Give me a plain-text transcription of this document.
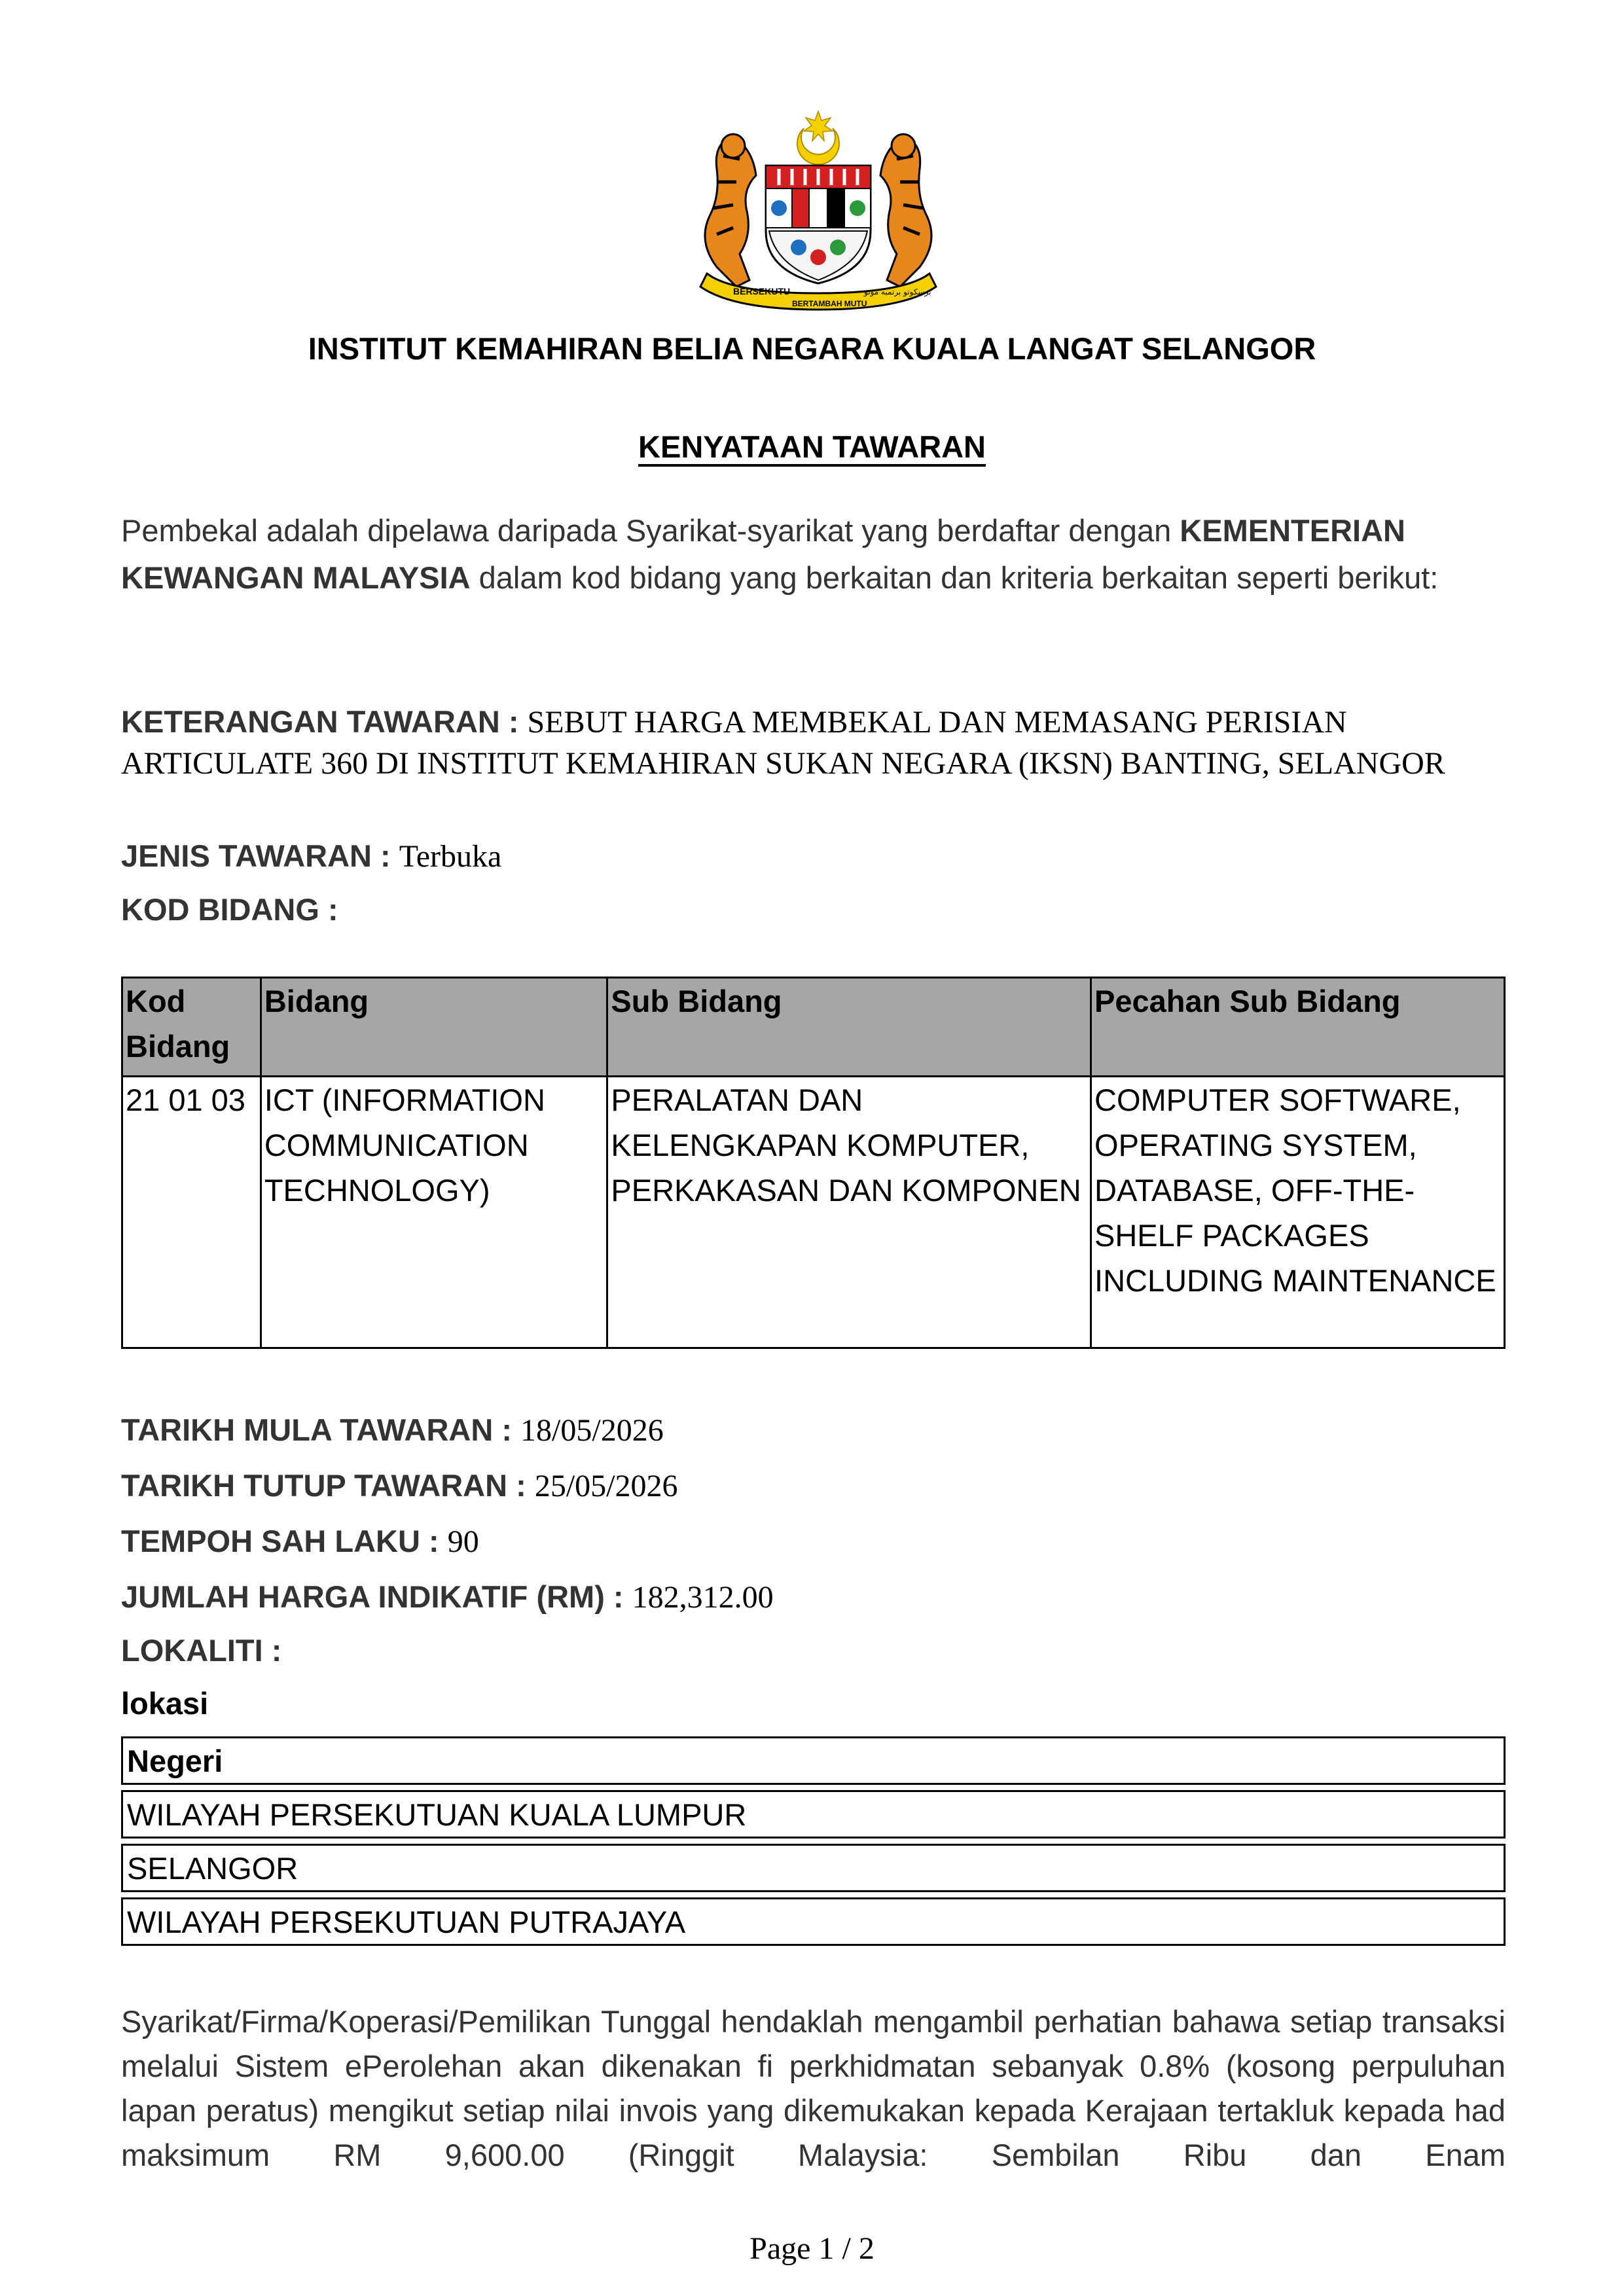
BERSEKUTU
BERTAMBAH MUTU
برسکوتو برتمبه موتو
INSTITUT KEMAHIRAN BELIA NEGARA KUALA LANGAT SELANGOR
KENYATAAN TAWARAN
Pembekal adalah dipelawa daripada Syarikat-syarikat yang berdaftar dengan KEMENTERIAN KEWANGAN MALAYSIA dalam kod bidang yang berkaitan dan kriteria berkaitan seperti berikut:
KETERANGAN TAWARAN : SEBUT HARGA MEMBEKAL DAN MEMASANG PERISIAN ARTICULATE 360 DI INSTITUT KEMAHIRAN SUKAN NEGARA (IKSN) BANTING, SELANGOR
JENIS TAWARAN : Terbuka
KOD BIDANG :
Kod Bidang	Bidang	Sub Bidang	Pecahan Sub Bidang
21 01 03	ICT (INFORMATION COMMUNICATION TECHNOLOGY)	PERALATAN DAN KELENGKAPAN KOMPUTER, PERKAKASAN DAN KOMPONEN	COMPUTER SOFTWARE, OPERATING SYSTEM, DATABASE, OFF-THE-SHELF PACKAGES INCLUDING MAINTENANCE
TARIKH MULA TAWARAN : 18/05/2026
TARIKH TUTUP TAWARAN : 25/05/2026
TEMPOH SAH LAKU : 90
JUMLAH HARGA INDIKATIF (RM) : 182,312.00
LOKALITI :
lokasi
Negeri
WILAYAH PERSEKUTUAN KUALA LUMPUR
SELANGOR
WILAYAH PERSEKUTUAN PUTRAJAYA
Syarikat/Firma/Koperasi/Pemilikan Tunggal hendaklah mengambil perhatian bahawa setiap transaksi melalui Sistem ePerolehan akan dikenakan fi perkhidmatan sebanyak 0.8% (kosong perpuluhan lapan peratus) mengikut setiap nilai invois yang dikemukakan kepada Kerajaan tertakluk kepada had maksimum RM 9,600.00 (Ringgit Malaysia: Sembilan Ribu dan Enam
Page 1 / 2
